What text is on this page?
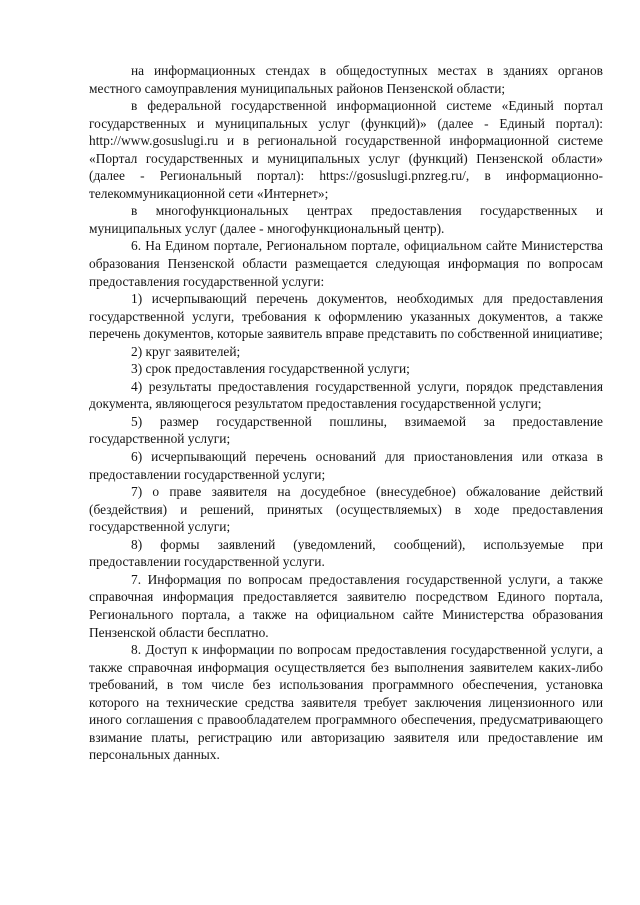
на информационных стендах в общедоступных местах в зданиях органов местного самоуправления муниципальных районов Пензенской области;

в федеральной государственной информационной системе «Единый портал государственных и муниципальных услуг (функций)» (далее - Единый портал): http://www.gosuslugi.ru и в региональной государственной информационной системе «Портал государственных и муниципальных услуг (функций) Пензенской области» (далее - Региональный портал): https://gosuslugi.pnzreg.ru/, в информационно-телекоммуникационной сети «Интернет»;

в многофункциональных центрах предоставления государственных и муниципальных услуг (далее - многофункциональный центр).

6. На Едином портале, Региональном портале, официальном сайте Министерства образования Пензенской области размещается следующая информация по вопросам предоставления государственной услуги:

1) исчерпывающий перечень документов, необходимых для предоставления государственной услуги, требования к оформлению указанных документов, а также перечень документов, которые заявитель вправе представить по собственной инициативе;

2) круг заявителей;

3) срок предоставления государственной услуги;

4) результаты предоставления государственной услуги, порядок представления документа, являющегося результатом предоставления государственной услуги;

5) размер государственной пошлины, взимаемой за предоставление государственной услуги;

6) исчерпывающий перечень оснований для приостановления или отказа в предоставлении государственной услуги;

7) о праве заявителя на досудебное (внесудебное) обжалование действий (бездействия) и решений, принятых (осуществляемых) в ходе предоставления государственной услуги;

8) формы заявлений (уведомлений, сообщений), используемые при предоставлении государственной услуги.

7. Информация по вопросам предоставления государственной услуги, а также справочная информация предоставляется заявителю посредством Единого портала, Регионального портала, а также на официальном сайте Министерства образования Пензенской области бесплатно.

8. Доступ к информации по вопросам предоставления государственной услуги, а также справочная информация осуществляется без выполнения заявителем каких-либо требований, в том числе без использования программного обеспечения, установка которого на технические средства заявителя требует заключения лицензионного или иного соглашения с правообладателем программного обеспечения, предусматривающего взимание платы, регистрацию или авторизацию заявителя или предоставление им персональных данных.
